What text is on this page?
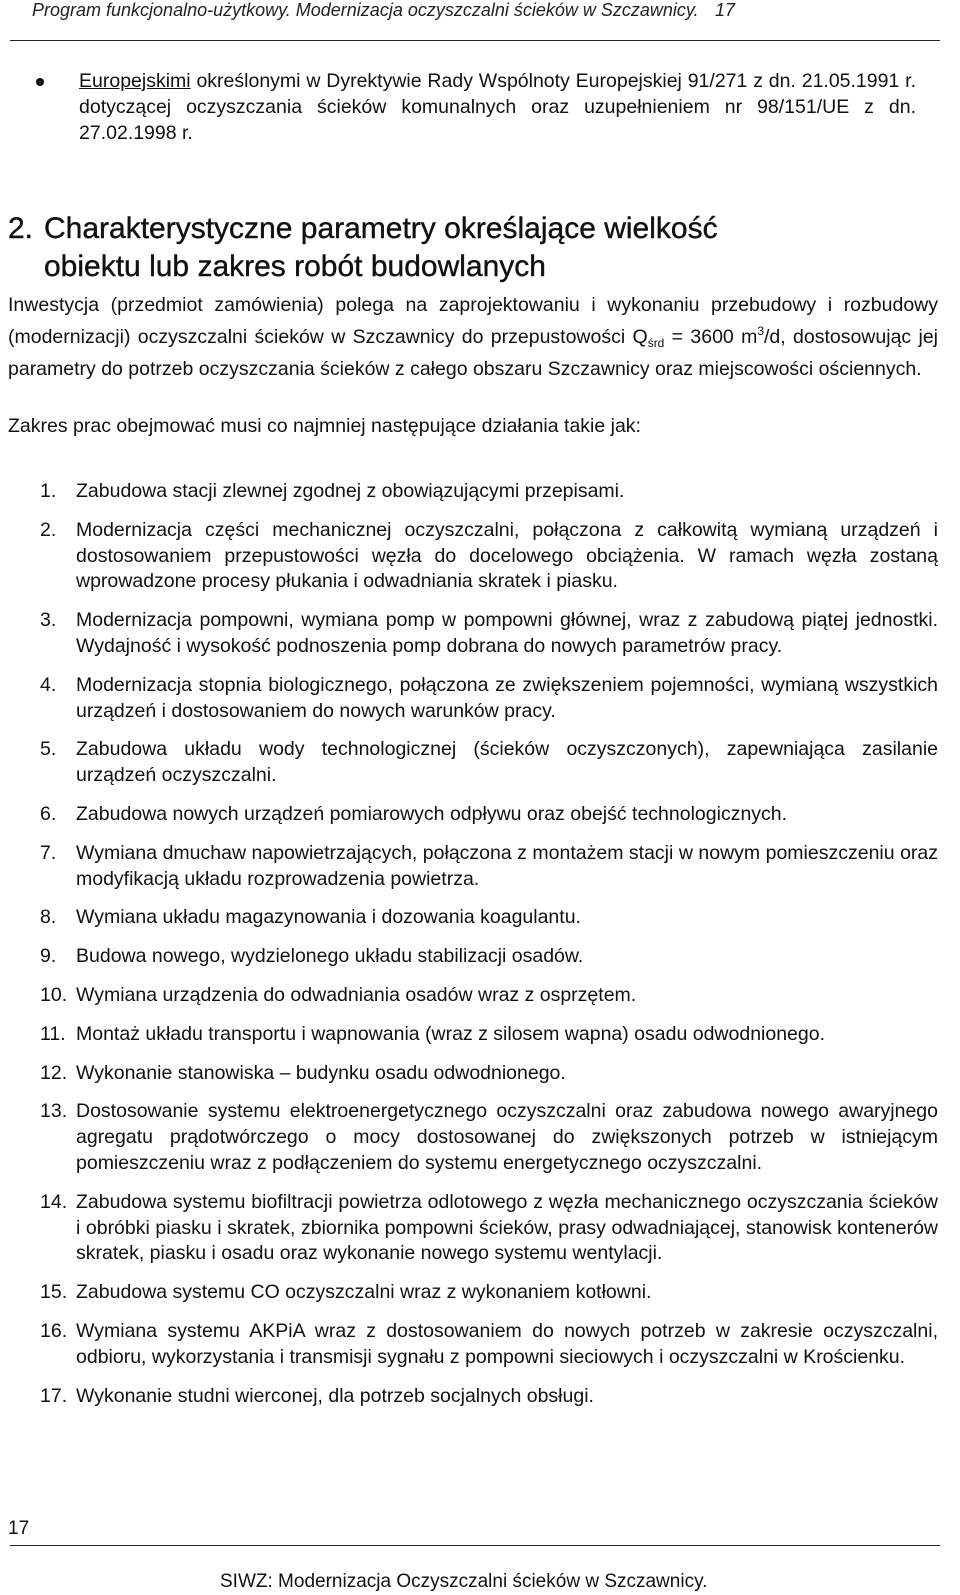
Program funkcjonalno-użytkowy. Modernizacja oczyszczalni ścieków w Szczawnicy. 17
Europejskimi określonymi w Dyrektywie Rady Wspólnoty Europejskiej 91/271 z dn. 21.05.1991 r. dotyczącej oczyszczania ścieków komunalnych oraz uzupełnieniem nr 98/151/UE z dn. 27.02.1998 r.
2. Charakterystyczne parametry określające wielkość
obiektu lub zakres robót budowlanych
Inwestycja (przedmiot zamówienia) polega na zaprojektowaniu i wykonaniu przebudowy i rozbudowy (modernizacji) oczyszczalni ścieków w Szczawnicy do przepustowości $Q_{śrd} = 3600$ $m^3/d$, dostosowując jej parametry do potrzeb oczyszczania ścieków z całego obszaru Szczawnicy oraz miejscowości ościennych.
Zakres prac obejmować musi co najmniej następujące działania takie jak:
1. Zabudowa stacji zlewnej zgodnej z obowiązującymi przepisami.
2. Modernizacja części mechanicznej oczyszczalni, połączona z całkowitą wymianą urządzeń i dostosowaniem przepustowości węzła do docelowego obciążenia. W ramach węzła zostaną wprowadzone procesy płukania i odwadniania skratek i piasku.
3. Modernizacja pompowni, wymiana pomp w pompowni głównej, wraz z zabudową piątej jednostki. Wydajność i wysokość podnoszenia pomp dobrana do nowych parametrów pracy.
4. Modernizacja stopnia biologicznego, połączona ze zwiększeniem pojemności, wymianą wszystkich urządzeń i dostosowaniem do nowych warunków pracy.
5. Zabudowa układu wody technologicznej (ścieków oczyszczonych), zapewniająca zasilanie urządzeń oczyszczalni.
6. Zabudowa nowych urządzeń pomiarowych odpływu oraz obejść technologicznych.
7. Wymiana dmuchaw napowietrzających, połączona z montażem stacji w nowym pomieszczeniu oraz modyfikacją układu rozprowadzenia powietrza.
8. Wymiana układu magazynowania i dozowania koagulantu.
9. Budowa nowego, wydzielonego układu stabilizacji osadów.
10. Wymiana urządzenia do odwadniania osadów wraz z osprzętem.
11. Montaż układu transportu i wapnowania (wraz z silosem wapna) osadu odwodnionego.
12. Wykonanie stanowiska – budynku osadu odwodnionego.
13. Dostosowanie systemu elektroenergetycznego oczyszczalni oraz zabudowa nowego awaryjnego agregatu prądotwórczego o mocy dostosowanej do zwiększonych potrzeb w istniejącym pomieszczeniu wraz z podłączeniem do systemu energetycznego oczyszczalni.
14. Zabudowa systemu biofiltracji powietrza odlotowego z węzła mechanicznego oczyszczania ścieków i obróbki piasku i skratek, zbiornika pompowni ścieków, prasy odwadniającej, stanowisk kontenerów skratek, piasku i osadu oraz wykonanie nowego systemu wentylacji.
15. Zabudowa systemu CO oczyszczalni wraz z wykonaniem kotłowni.
16. Wymiana systemu AKPiA wraz z dostosowaniem do nowych potrzeb w zakresie oczyszczalni, odbioru, wykorzystania i transmisji sygnału z pompowni sieciowych i oczyszczalni w Krościenku.
17. Wykonanie studni wierconej, dla potrzeb socjalnych obsługi.
17
SIWZ: Modernizacja Oczyszczalni ścieków w Szczawnicy.
